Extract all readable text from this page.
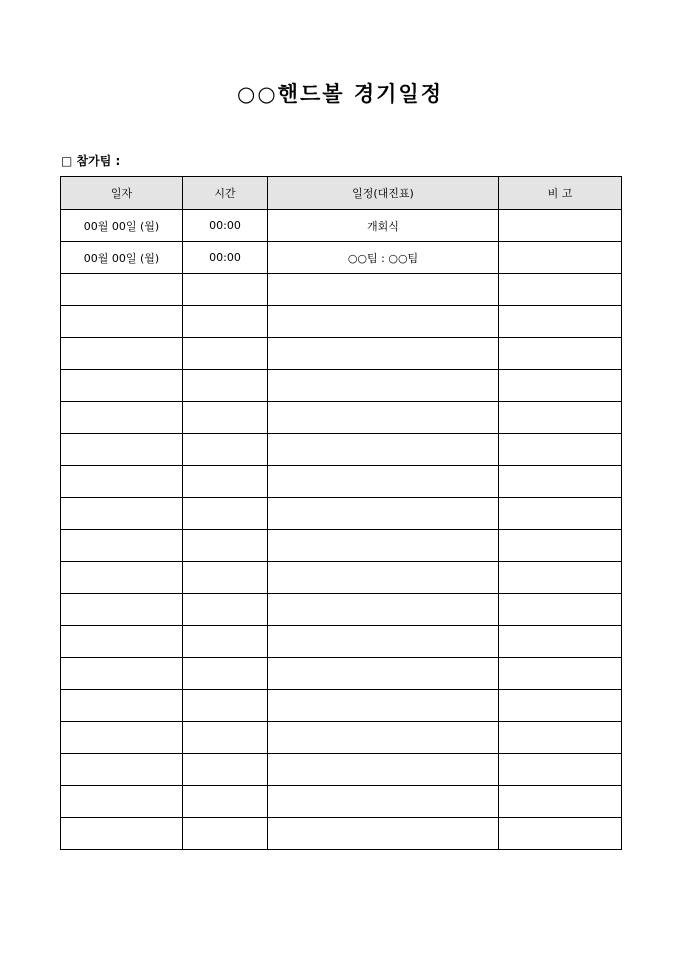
○○핸드볼 경기일정
□ 참가팀 :
일자	시간	일정(대진표)	비 고
00월 00일 (월)	00:00	개회식	
00월 00일 (월)	00:00	○○팀 : ○○팀	
